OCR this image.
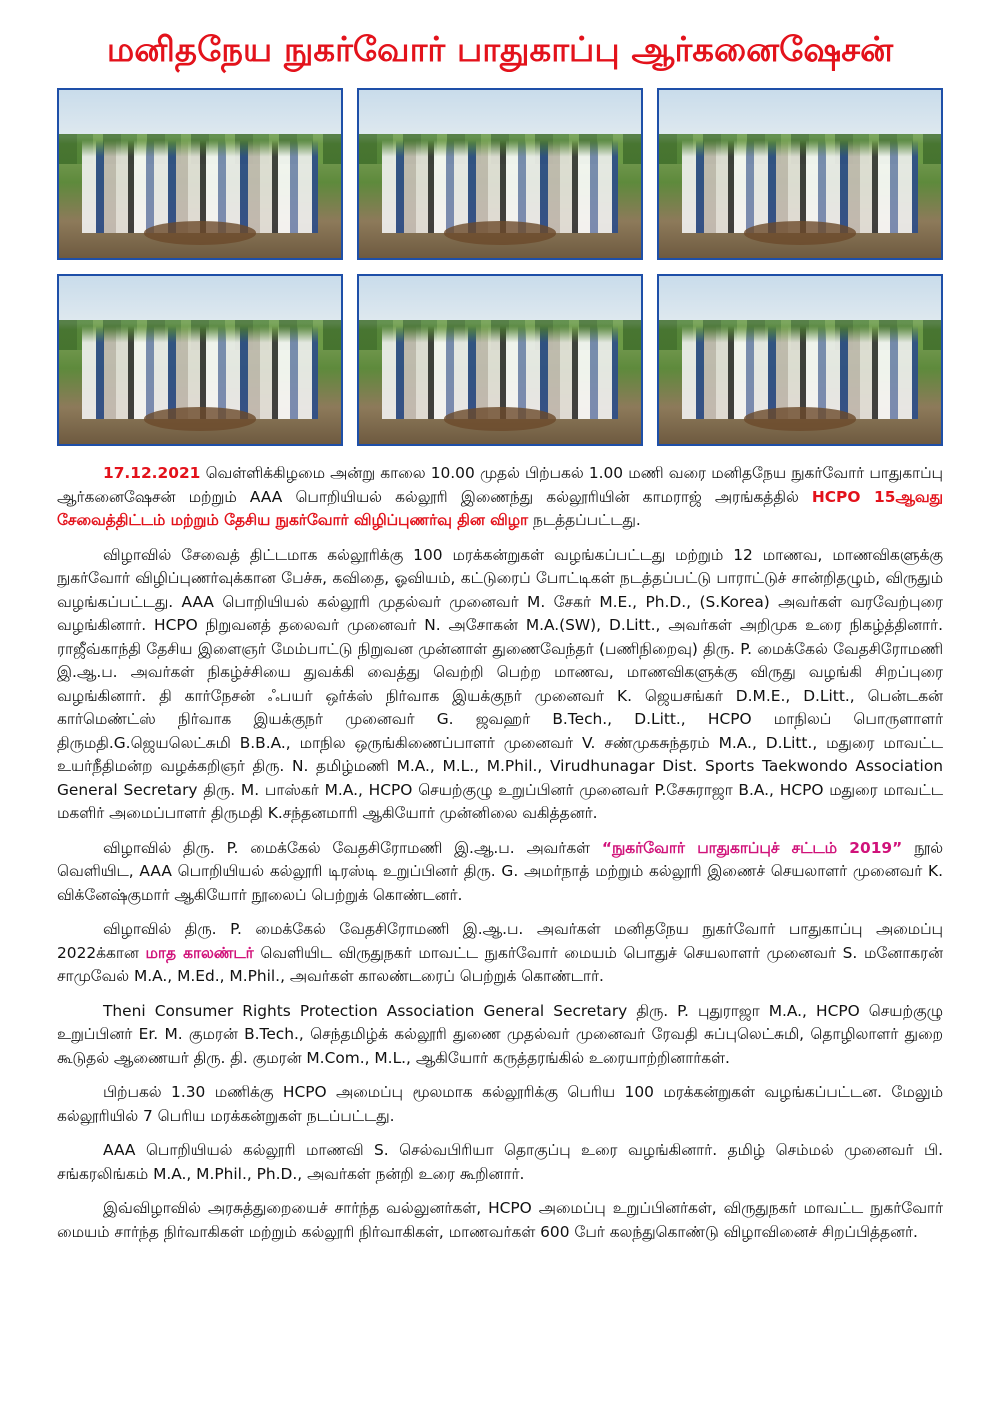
மனிதநேய நுகர்வோர் பாதுகாப்பு ஆர்கனைஷேசன்

17.12.2021 வெள்ளிக்கிழமை அன்று காலை 10.00 முதல் பிற்பகல் 1.00 மணி வரை மனிதநேய நுகர்வோர் பாதுகாப்பு ஆர்கனைஷேசன் மற்றும் AAA பொறியியல் கல்லூரி இணைந்து கல்லூரியின் காமராஜ் அரங்கத்தில் HCPO 15ஆவது சேவைத்திட்டம் மற்றும் தேசிய நுகர்வோர் விழிப்புணர்வு தின விழா நடத்தப்பட்டது.

விழாவில் சேவைத் திட்டமாக கல்லூரிக்கு 100 மரக்கன்றுகள் வழங்கப்பட்டது மற்றும் 12 மாணவ, மாணவிகளுக்கு நுகர்வோர் விழிப்புணர்வுக்கான பேச்சு, கவிதை, ஓவியம், கட்டுரைப் போட்டிகள் நடத்தப்பட்டு பாராட்டுச் சான்றிதழும், விருதும் வழங்கப்பட்டது. AAA பொறியியல் கல்லூரி முதல்வர் முனைவர் M. சேகர் M.E., Ph.D., (S.Korea) அவர்கள் வரவேற்புரை வழங்கினார். HCPO நிறுவனத் தலைவர் முனைவர் N. அசோகன் M.A.(SW), D.Litt., அவர்கள் அறிமுக உரை நிகழ்த்தினார். ராஜீவ்காந்தி தேசிய இளைஞர் மேம்பாட்டு நிறுவன முன்னாள் துணைவேந்தர் (பணிநிறைவு) திரு. P. மைக்கேல் வேதசிரோமணி இ.ஆ.ப. அவர்கள் நிகழ்ச்சியை துவக்கி வைத்து வெற்றி பெற்ற மாணவ, மாணவிகளுக்கு விருது வழங்கி சிறப்புரை வழங்கினார். தி கார்நேசன் ஃபயர் ஒர்க்ஸ் நிர்வாக இயக்குநர் முனைவர் K. ஜெயசங்கர் D.M.E., D.Litt., பென்டகன் கார்மெண்ட்ஸ் நிர்வாக இயக்குநர் முனைவர் G. ஜவஹர் B.Tech., D.Litt., HCPO மாநிலப் பொருளாளர் திருமதி.G.ஜெயலெட்சுமி B.B.A., மாநில ஒருங்கிணைப்பாளர் முனைவர் V. சண்முகசுந்தரம் M.A., D.Litt., மதுரை மாவட்ட உயர்நீதிமன்ற வழக்கறிஞர் திரு. N. தமிழ்மணி M.A., M.L., M.Phil., Virudhunagar Dist. Sports Taekwondo Association General Secretary திரு. M. பாஸ்கர் M.A., HCPO செயற்குழு உறுப்பினர் முனைவர் P.சேசுராஜா B.A., HCPO மதுரை மாவட்ட மகளிர் அமைப்பாளர் திருமதி K.சந்தனமாரி ஆகியோர் முன்னிலை வகித்தனர்.

விழாவில் திரு. P. மைக்கேல் வேதசிரோமணி இ.ஆ.ப. அவர்கள் “நுகர்வோர் பாதுகாப்புச் சட்டம் 2019” நூல் வெளியிட, AAA பொறியியல் கல்லூரி டிரஸ்டி உறுப்பினர் திரு. G. அமர்நாத் மற்றும் கல்லூரி இணைச் செயலாளர் முனைவர் K. விக்னேஷ்குமார் ஆகியோர் நூலைப் பெற்றுக் கொண்டனர்.

விழாவில் திரு. P. மைக்கேல் வேதசிரோமணி இ.ஆ.ப. அவர்கள் மனிதநேய நுகர்வோர் பாதுகாப்பு அமைப்பு 2022க்கான மாத காலண்டர் வெளியிட விருதுநகர் மாவட்ட நுகர்வோர் மையம் பொதுச் செயலாளர் முனைவர் S. மனோகரன் சாமுவேல் M.A., M.Ed., M.Phil., அவர்கள் காலண்டரைப் பெற்றுக் கொண்டார்.

Theni Consumer Rights Protection Association General Secretary திரு. P. புதுராஜா M.A., HCPO செயற்குழு உறுப்பினர் Er. M. குமரன் B.Tech., செந்தமிழ்க் கல்லூரி துணை முதல்வர் முனைவர் ரேவதி சுப்புலெட்சுமி, தொழிலாளர் துறை கூடுதல் ஆணையர் திரு. தி. குமரன் M.Com., M.L., ஆகியோர் கருத்தரங்கில் உரையாற்றினார்கள்.

பிற்பகல் 1.30 மணிக்கு HCPO அமைப்பு மூலமாக கல்லூரிக்கு பெரிய 100 மரக்கன்றுகள் வழங்கப்பட்டன. மேலும் கல்லூரியில் 7 பெரிய மரக்கன்றுகள் நடப்பட்டது.

AAA பொறியியல் கல்லூரி மாணவி S. செல்வபிரியா தொகுப்பு உரை வழங்கினார். தமிழ் செம்மல் முனைவர் பி. சங்கரலிங்கம் M.A., M.Phil., Ph.D., அவர்கள் நன்றி உரை கூறினார்.

இவ்விழாவில் அரசுத்துறையைச் சார்ந்த வல்லுனர்கள், HCPO அமைப்பு உறுப்பினர்கள், விருதுநகர் மாவட்ட நுகர்வோர் மையம் சார்ந்த நிர்வாகிகள் மற்றும் கல்லூரி நிர்வாகிகள், மாணவர்கள் 600 பேர் கலந்துகொண்டு விழாவினைச் சிறப்பித்தனர்.
